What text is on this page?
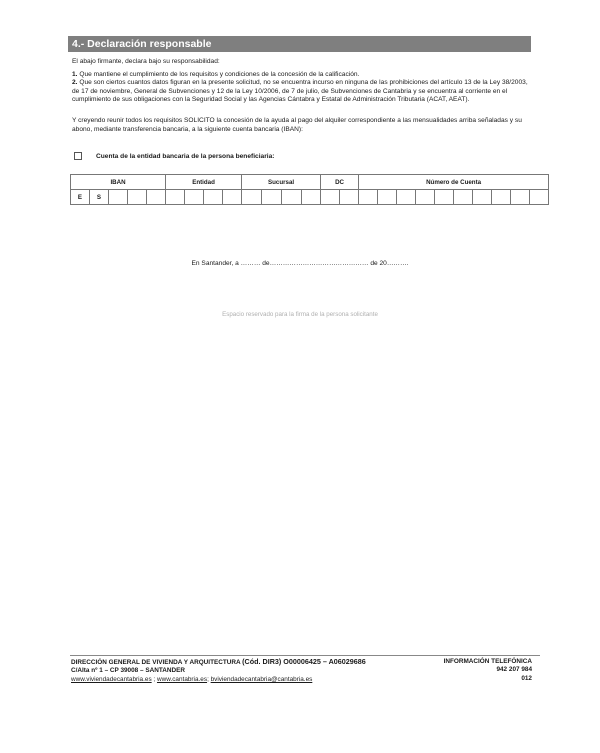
4.- Declaración responsable
El abajo firmante, declara bajo su responsabilidad:
1. Que mantiene el cumplimiento de los requisitos y condiciones de la concesión de la calificación.
2. Que son ciertos cuantos datos figuran en la presente solicitud, no se encuentra incurso en ninguna de las prohibiciones del artículo 13 de la Ley 38/2003, de 17 de noviembre, General de Subvenciones y 12 de la Ley 10/2006, de 7 de julio, de Subvenciones de Cantabria y se encuentra al corriente en el cumplimiento de sus obligaciones con la Seguridad Social y las Agencias Cántabra y Estatal de Administración Tributaria (ACAT, AEAT).
Y creyendo reunir todos los requisitos SOLICITO la concesión de la ayuda al pago del alquiler correspondiente a las mensualidades arriba señaladas y su abono, mediante transferencia bancaria, a la siguiente cuenta bancaria (IBAN):
Cuenta de la entidad bancaria de la persona beneficiaria:
IBAN					Entidad				Sucursal				DC		Número de Cuenta									
E	S																							
En Santander, a ……… de……………………………………… de 20……….
Espacio reservado para la firma de la persona solicitante
DIRECCIÓN GENERAL DE VIVIENDA Y ARQUITECTURA (Cód. DIR3) O00006425 – A06029686
C/Alta nº 1 – CP 39008 – SANTANDER
www.viviendadecantabria.es ; www.cantabria.es; bviviendadecantabria@cantabria.es
INFORMACIÓN TELEFÓNICA
942 207 984
012
